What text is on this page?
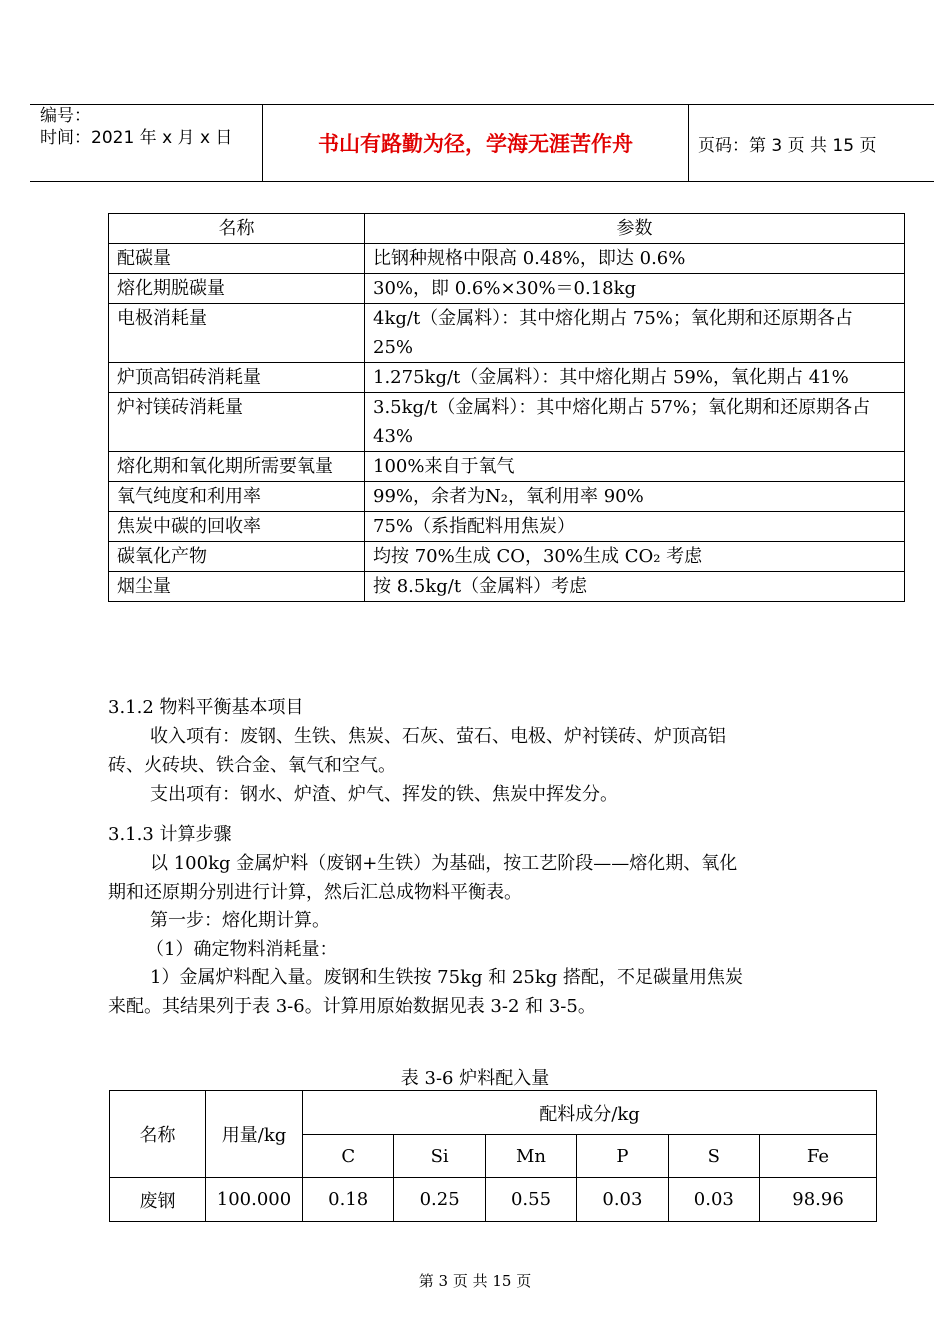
编号：
时间：2021 年 x 月 x 日	书山有路勤为径，学海无涯苦作舟	页码：第 3 页 共 15 页
名称	参数
配碳量	比钢种规格中限高 0.48%，即达 0.6%
熔化期脱碳量	30%，即 0.6%×30%＝0.18kg
电极消耗量	4kg/t（金属料）：其中熔化期占 75%；氧化期和还原期各占 25%
炉顶高铝砖消耗量	1.275kg/t（金属料）：其中熔化期占 59%，氧化期占 41%
炉衬镁砖消耗量	3.5kg/t（金属料）：其中熔化期占 57%；氧化期和还原期各占 43%
熔化期和氧化期所需要氧量	100%来自于氧气
氧气纯度和利用率	99%，余者为N₂，氧利用率 90%
焦炭中碳的回收率	75%（系指配料用焦炭）
碳氧化产物	均按 70%生成 CO，30%生成 CO₂ 考虑
烟尘量	按 8.5kg/t（金属料）考虑
3.1.2 物料平衡基本项目
收入项有：废钢、生铁、焦炭、石灰、萤石、电极、炉衬镁砖、炉顶高铝
砖、火砖块、铁合金、氧气和空气。
支出项有：钢水、炉渣、炉气、挥发的铁、焦炭中挥发分。
3.1.3 计算步骤
以 100kg 金属炉料（废钢+生铁）为基础，按工艺阶段——熔化期、氧化
期和还原期分别进行计算，然后汇总成物料平衡表。
第一步：熔化期计算。
（1）确定物料消耗量：
1）金属炉料配入量。废钢和生铁按 75kg 和 25kg 搭配，不足碳量用焦炭
来配。其结果列于表 3-6。计算用原始数据见表 3-2 和 3-5。
表 3-6 炉料配入量
名称	用量/kg	配料成分/kg					
		C	Si	Mn	P	S	Fe
废钢	100.000	0.18	0.25	0.55	0.03	0.03	98.96
第 3 页 共 15 页
